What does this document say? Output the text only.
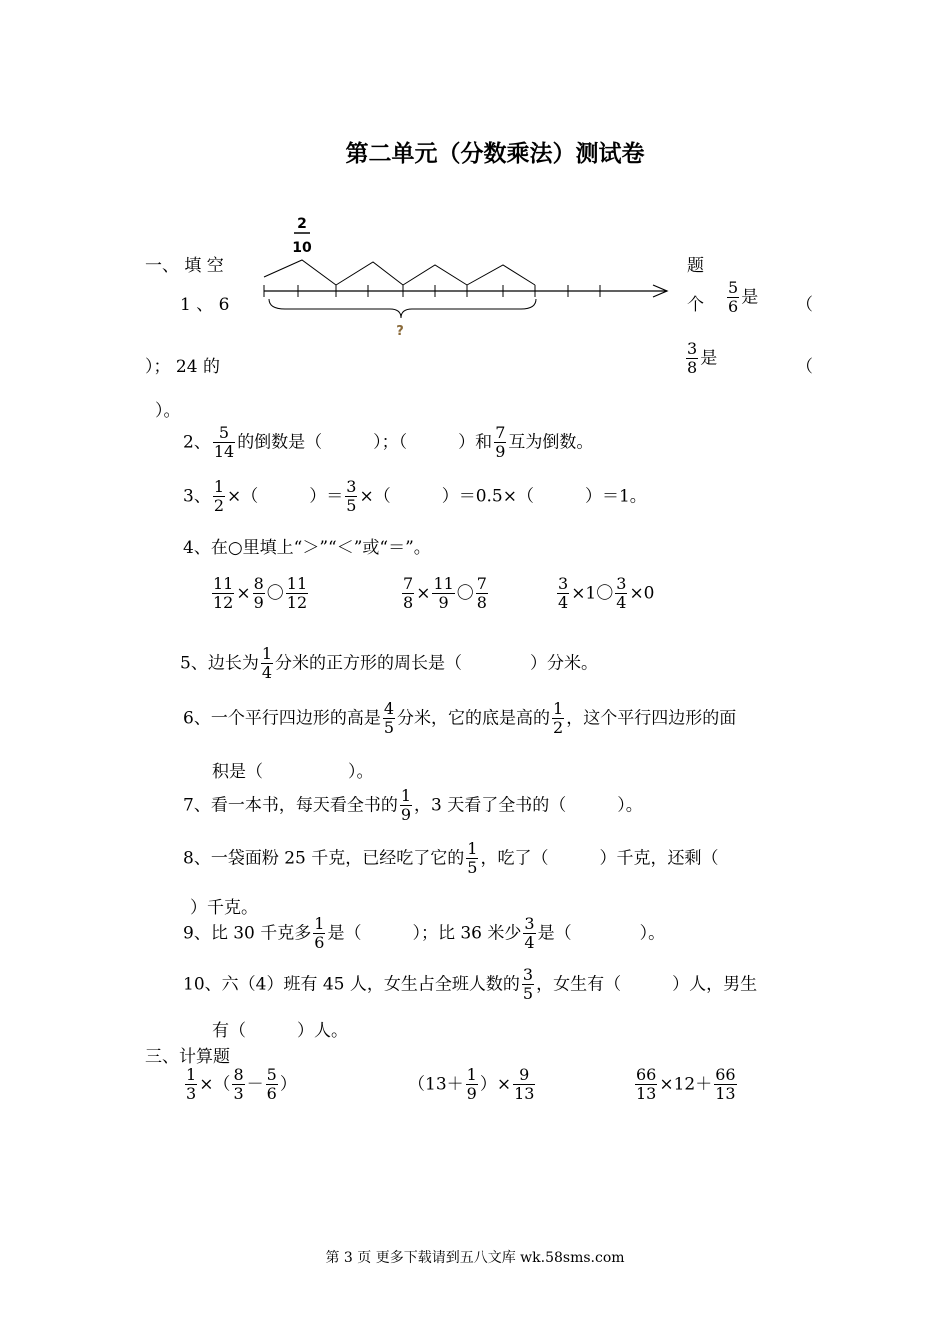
第二单元（分数乘法）测试卷
一、 填 空	题
2
10
?
1 、 6	个 $\frac{5}{6}$ 是 （
）； 24 的	$\frac{3}{8}$ 是	（
）。
2、 $\frac{5}{14}$ 的倒数是（　　　）；（　　　）和 $\frac{7}{9}$ 互为倒数。
3、 $\frac{1}{2}$ ×（　　　）＝ $\frac{3}{5}$ ×（　　　）＝0.5×（　　　）＝1。
4、在○里填上“＞”“＜”或“＝”。
$\frac{11}{12} \times \frac{8}{9}$ 〇 $\frac{11}{12}$	$\frac{7}{8} \times \frac{11}{9}$ 〇 $\frac{7}{8}$	$\frac{3}{4} \times 1$〇 $\frac{3}{4} \times 0$
5、边长为 $\frac{1}{4}$ 分米的正方形的周长是（　　　　）分米。
6、一个平行四边形的高是 $\frac{4}{5}$ 分米，它的底是高的 $\frac{1}{2}$ ，这个平行四边形的面
积是（　　　　　）。
7、看一本书，每天看全书的 $\frac{1}{9}$ ，3 天看了全书的（　　　）。
8、一袋面粉 25 千克，已经吃了它的 $\frac{1}{5}$ ，吃了（　　　）千克，还剩（
）千克。
9、比 30 千克多 $\frac{1}{6}$ 是（　　　）；比 36 米少 $\frac{3}{4}$ 是（　　　　）。
10、六（4）班有 45 人，女生占全班人数的 $\frac{3}{5}$ ，女生有（　　　）人，男生
有（　　　）人。
三、计算题
$\frac{1}{3}$ ×（ $\frac{8}{3} - \frac{5}{6}$ ）	（$13+ \frac{1}{9}$ ）× $\frac{9}{13}$	$\frac{66}{13} \times 12+ \frac{66}{13}$
第 3 页 更多下载请到五八文库 wk.58sms.com
